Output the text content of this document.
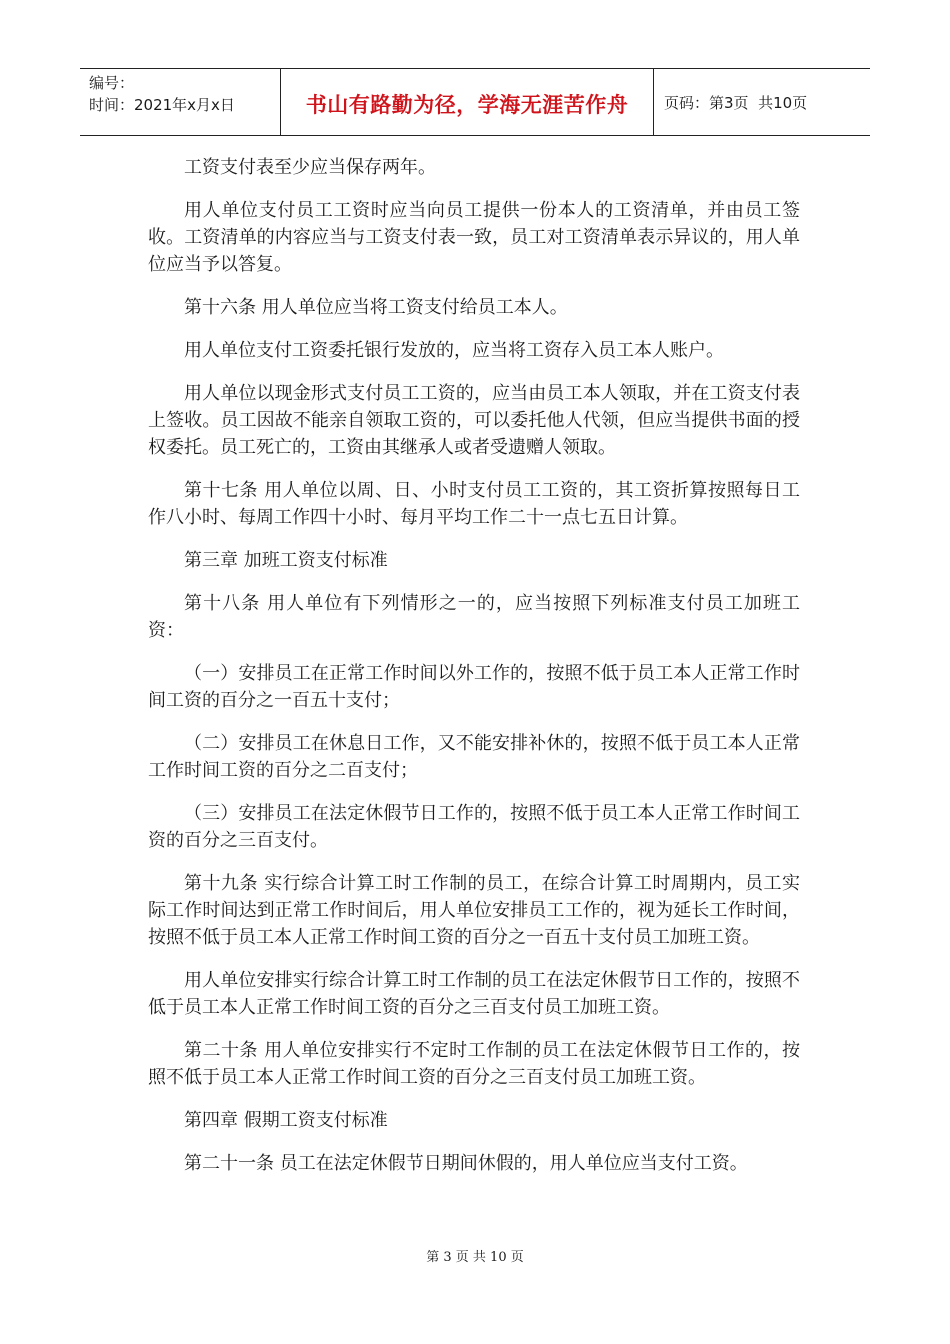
编号：
时间：2021年x月x日	书山有路勤为径，学海无涯苦作舟	页码：第3页  共10页

工资支付表至少应当保存两年。

用人单位支付员工工资时应当向员工提供一份本人的工资清单，并由员工签收。工资清单的内容应当与工资支付表一致，员工对工资清单表示异议的，用人单位应当予以答复。

第十六条 用人单位应当将工资支付给员工本人。

用人单位支付工资委托银行发放的，应当将工资存入员工本人账户。

用人单位以现金形式支付员工工资的，应当由员工本人领取，并在工资支付表上签收。员工因故不能亲自领取工资的，可以委托他人代领，但应当提供书面的授权委托。员工死亡的，工资由其继承人或者受遗赠人领取。

第十七条 用人单位以周、日、小时支付员工工资的，其工资折算按照每日工作八小时、每周工作四十小时、每月平均工作二十一点七五日计算。

第三章 加班工资支付标准

第十八条 用人单位有下列情形之一的，应当按照下列标准支付员工加班工资：

（一）安排员工在正常工作时间以外工作的，按照不低于员工本人正常工作时间工资的百分之一百五十支付；

（二）安排员工在休息日工作，又不能安排补休的，按照不低于员工本人正常工作时间工资的百分之二百支付；

（三）安排员工在法定休假节日工作的，按照不低于员工本人正常工作时间工资的百分之三百支付。

第十九条 实行综合计算工时工作制的员工，在综合计算工时周期内，员工实际工作时间达到正常工作时间后，用人单位安排员工工作的，视为延长工作时间，按照不低于员工本人正常工作时间工资的百分之一百五十支付员工加班工资。

用人单位安排实行综合计算工时工作制的员工在法定休假节日工作的，按照不低于员工本人正常工作时间工资的百分之三百支付员工加班工资。

第二十条 用人单位安排实行不定时工作制的员工在法定休假节日工作的，按照不低于员工本人正常工作时间工资的百分之三百支付员工加班工资。

第四章 假期工资支付标准

第二十一条 员工在法定休假节日期间休假的，用人单位应当支付工资。

第 3 页 共 10 页
